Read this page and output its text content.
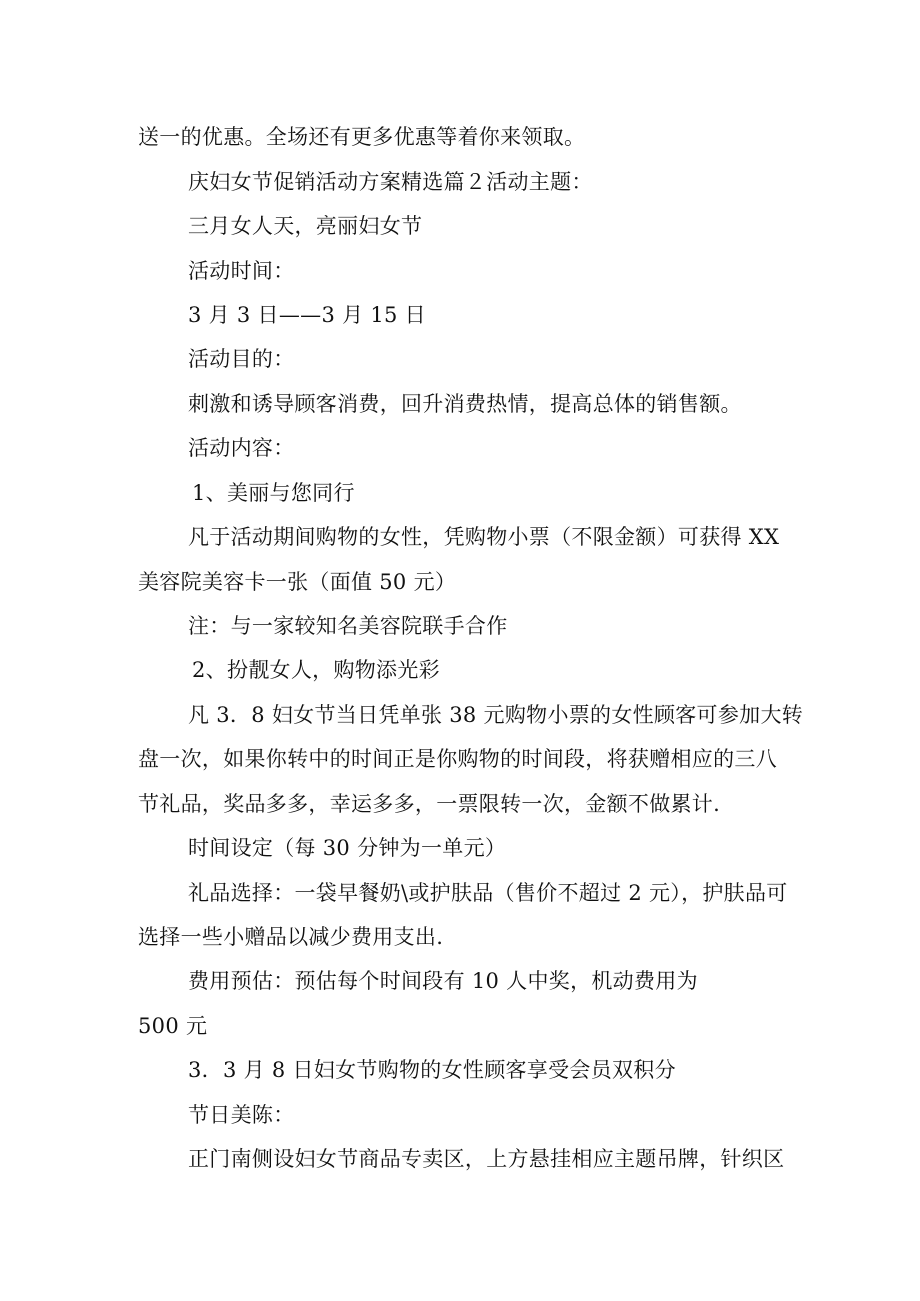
送一的优惠。全场还有更多优惠等着你来领取。
庆妇女节促销活动方案精选篇２活动主题：
三月女人天，亮丽妇女节
活动时间：
3 月 3 日——3 月 15 日
活动目的：
刺激和诱导顾客消费，回升消费热情，提高总体的销售额。
活动内容：
1、美丽与您同行
凡于活动期间购物的女性，凭购物小票（不限金额）可获得 XX
美容院美容卡一张（面值 50 元）
注：与一家较知名美容院联手合作
2、扮靓女人，购物添光彩
凡 3．8 妇女节当日凭单张 38 元购物小票的女性顾客可参加大转
盘一次，如果你转中的时间正是你购物的时间段，将获赠相应的三八
节礼品，奖品多多，幸运多多，一票限转一次，金额不做累计.
时间设定（每 30 分钟为一单元）
礼品选择：一袋早餐奶\或护肤品（售价不超过 2 元），护肤品可
选择一些小赠品以减少费用支出.
费用预估：预估每个时间段有 10 人中奖，机动费用为
500 元
3．3 月 8 日妇女节购物的女性顾客享受会员双积分
节日美陈：
正门南侧设妇女节商品专卖区，上方悬挂相应主题吊牌，针织区
